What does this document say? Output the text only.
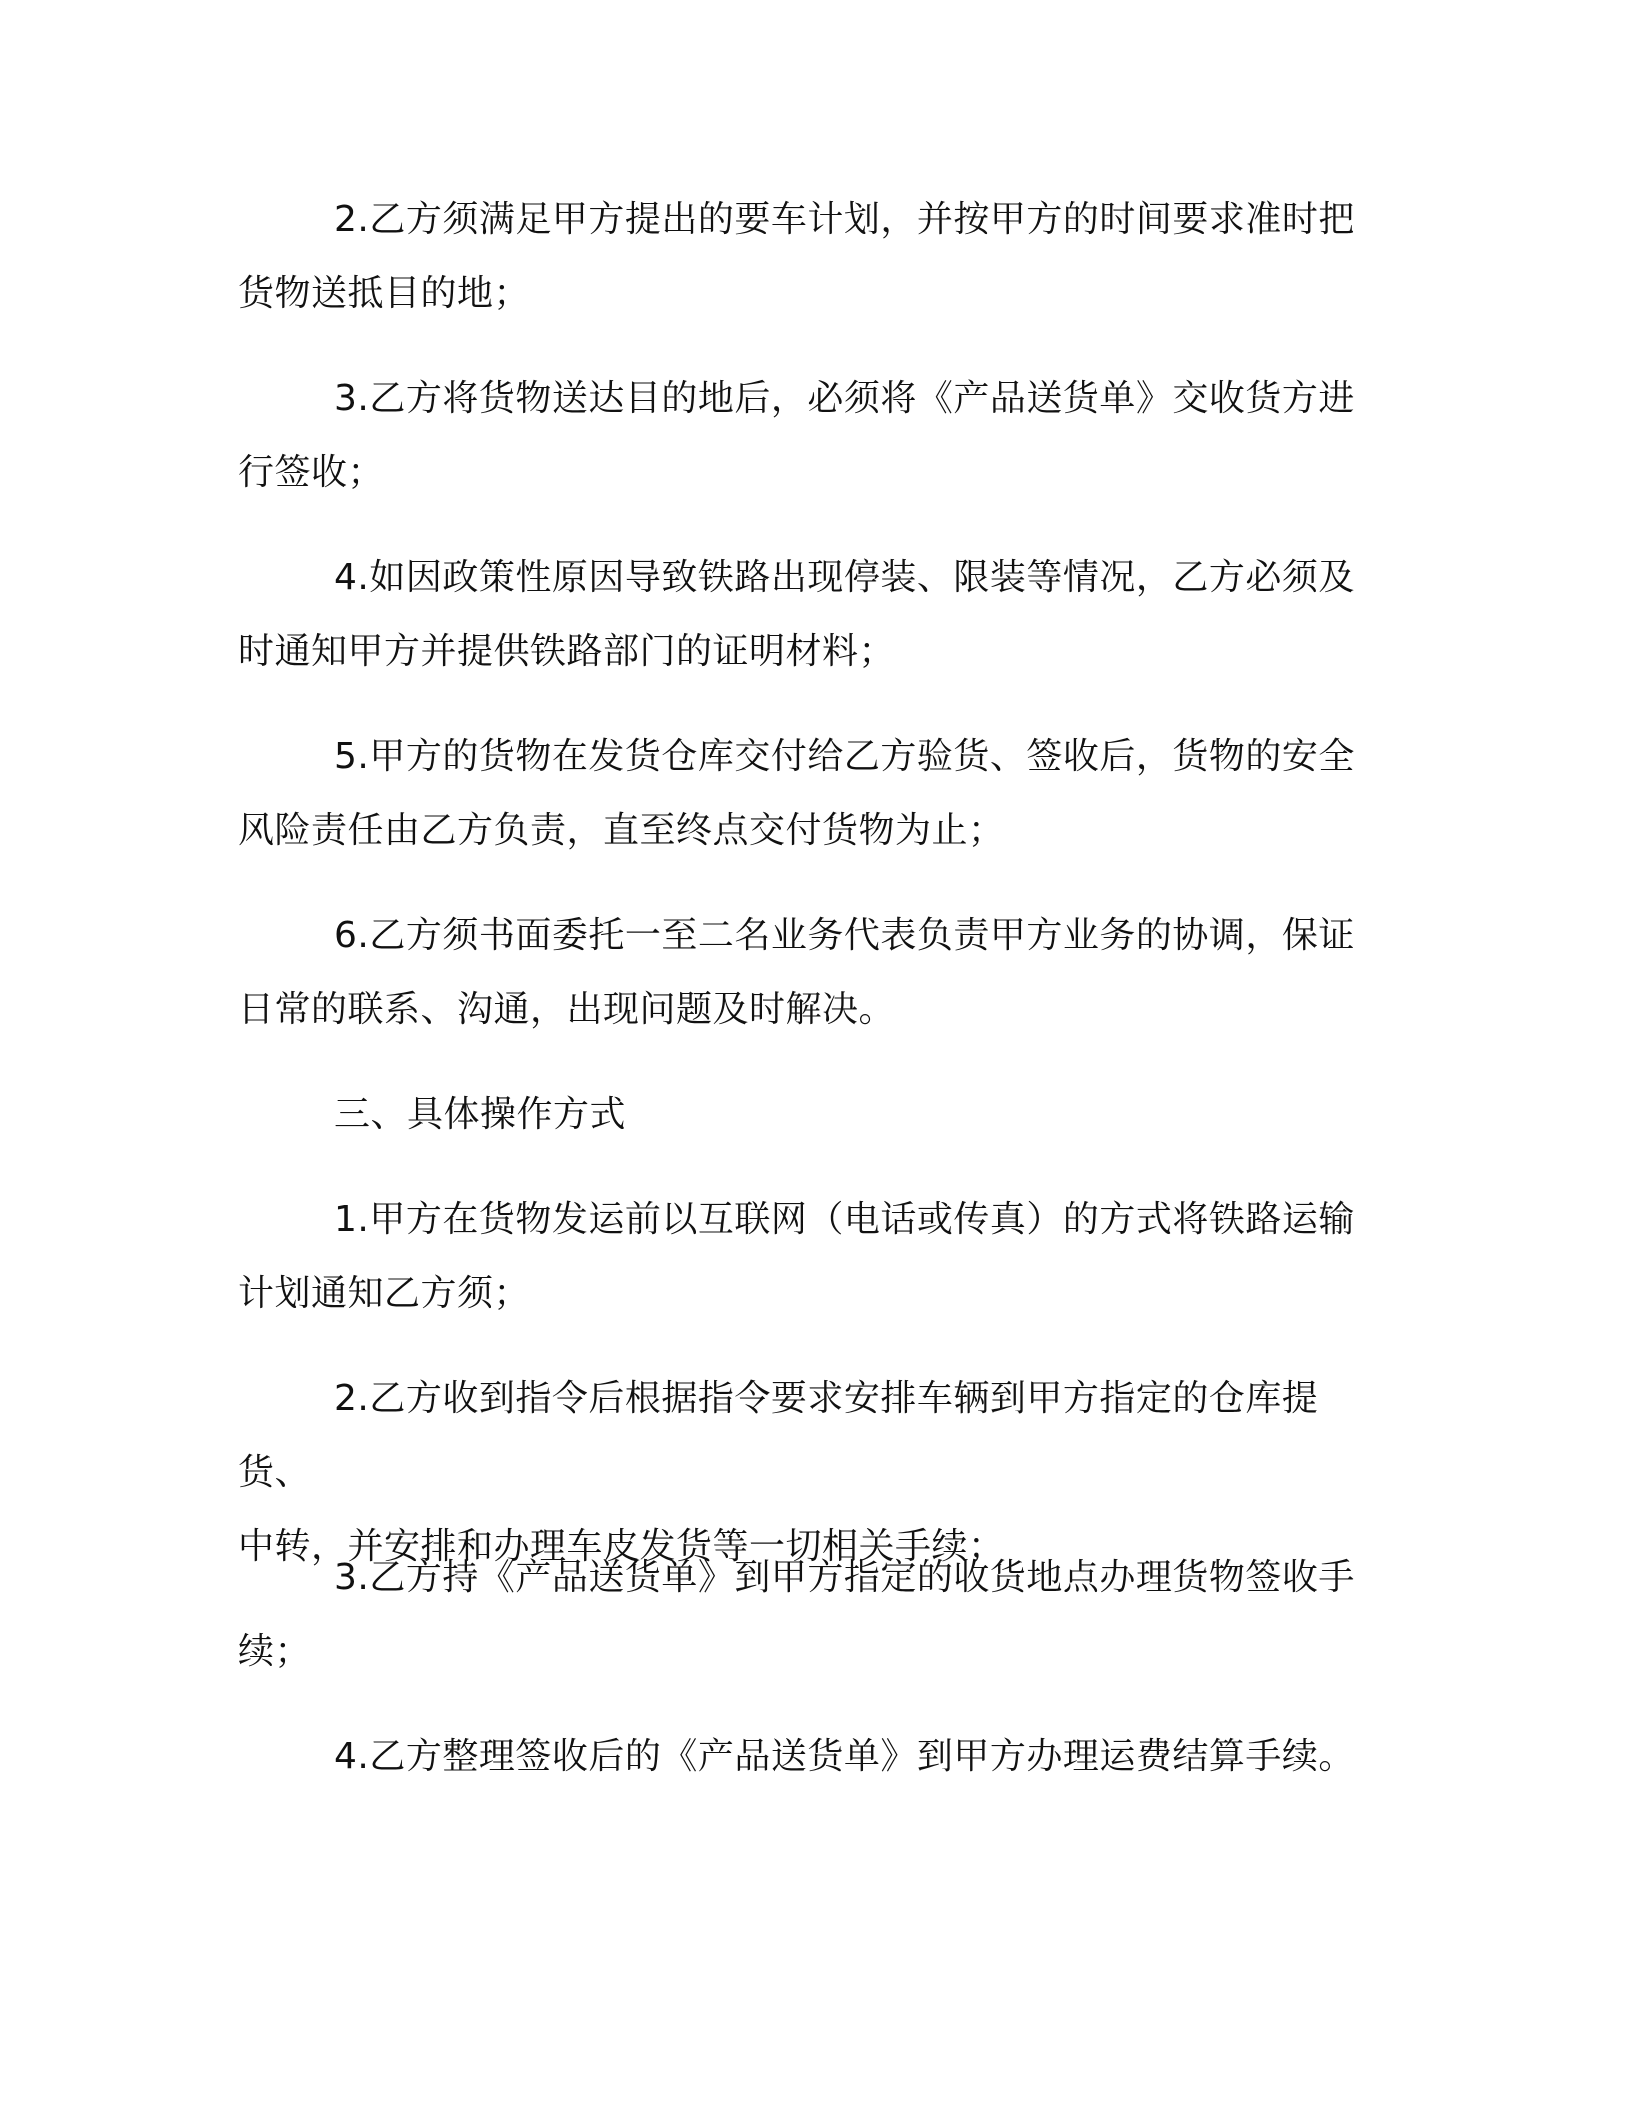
2.乙方须满足甲方提出的要车计划，并按甲方的时间要求准时把
货物送抵目的地；

3.乙方将货物送达目的地后，必须将《产品送货单》交收货方进
行签收；

4.如因政策性原因导致铁路出现停装、限装等情况，乙方必须及
时通知甲方并提供铁路部门的证明材料；

5.甲方的货物在发货仓库交付给乙方验货、签收后，货物的安全
风险责任由乙方负责，直至终点交付货物为止；

6.乙方须书面委托一至二名业务代表负责甲方业务的协调，保证
日常的联系、沟通，出现问题及时解决。

三、具体操作方式

1.甲方在货物发运前以互联网（电话或传真）的方式将铁路运输
计划通知乙方须；

2.乙方收到指令后根据指令要求安排车辆到甲方指定的仓库提货、
中转，并安排和办理车皮发货等一切相关手续；

3.乙方持《产品送货单》到甲方指定的收货地点办理货物签收手
续；

4.乙方整理签收后的《产品送货单》到甲方办理运费结算手续。
